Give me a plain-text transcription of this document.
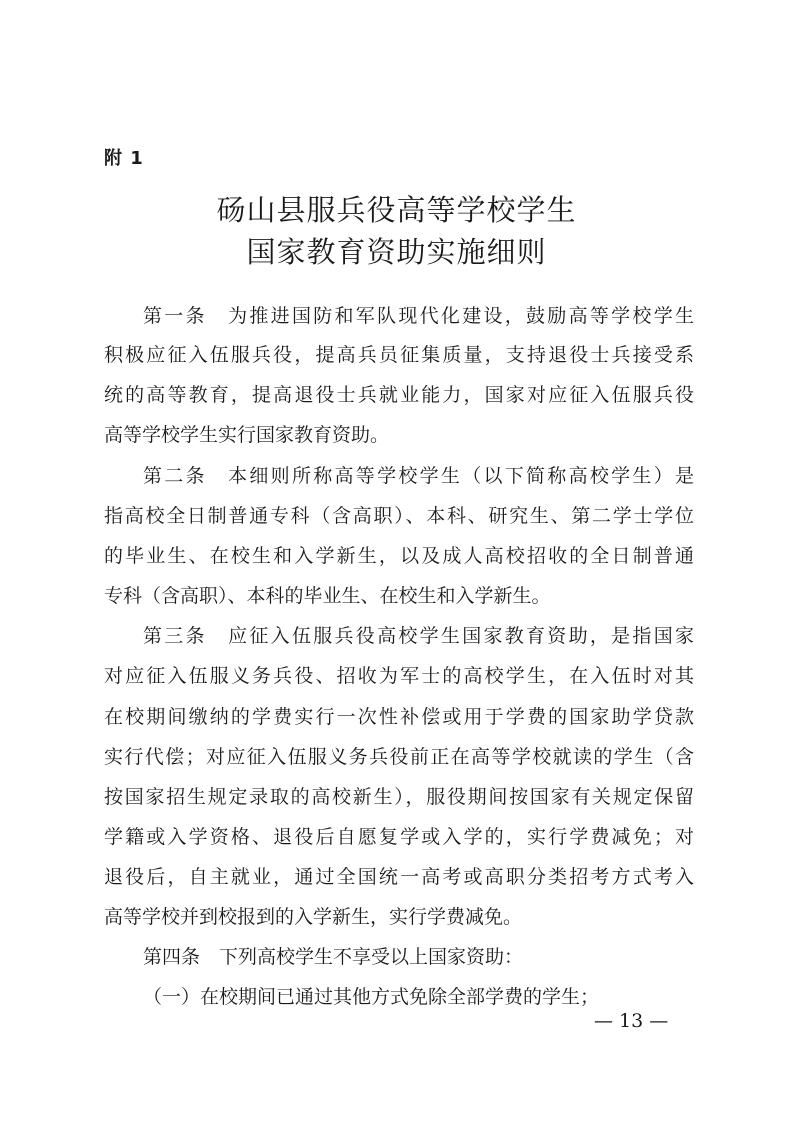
附 1
砀山县服兵役高等学校学生
国家教育资助实施细则
第一条　为推进国防和军队现代化建设，鼓励高等学校学生
积极应征入伍服兵役，提高兵员征集质量，支持退役士兵接受系
统的高等教育，提高退役士兵就业能力，国家对应征入伍服兵役
高等学校学生实行国家教育资助。
第二条　本细则所称高等学校学生（以下简称高校学生）是
指高校全日制普通专科（含高职）、本科、研究生、第二学士学位
的毕业生、在校生和入学新生，以及成人高校招收的全日制普通
专科（含高职）、本科的毕业生、在校生和入学新生。
第三条　应征入伍服兵役高校学生国家教育资助，是指国家
对应征入伍服义务兵役、招收为军士的高校学生，在入伍时对其
在校期间缴纳的学费实行一次性补偿或用于学费的国家助学贷款
实行代偿；对应征入伍服义务兵役前正在高等学校就读的学生（含
按国家招生规定录取的高校新生），服役期间按国家有关规定保留
学籍或入学资格、退役后自愿复学或入学的，实行学费减免；对
退役后，自主就业，通过全国统一高考或高职分类招考方式考入
高等学校并到校报到的入学新生，实行学费减免。
第四条　下列高校学生不享受以上国家资助：
（一）在校期间已通过其他方式免除全部学费的学生；
— 13 —
